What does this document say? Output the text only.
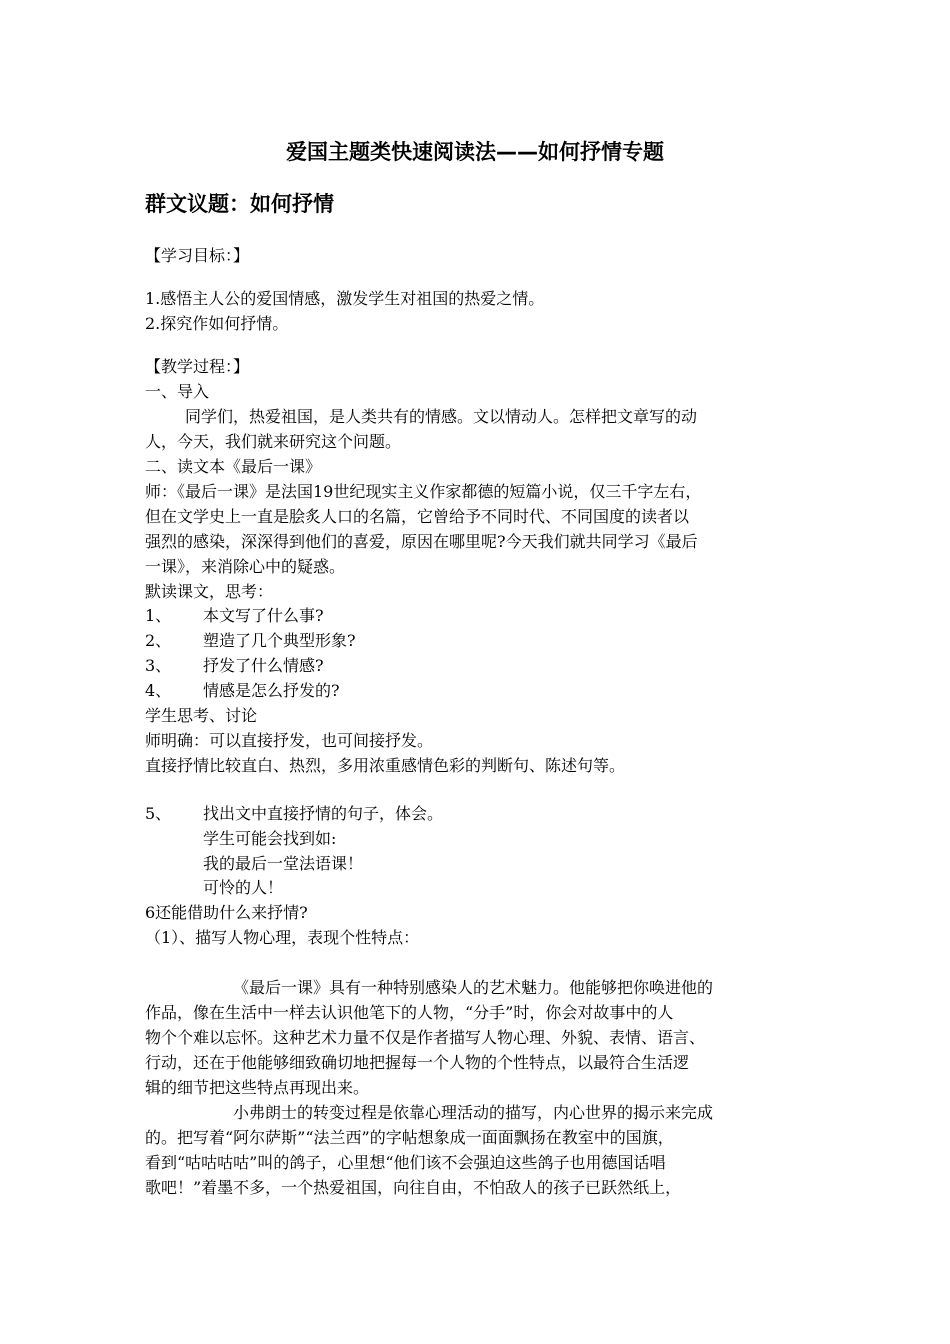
爱国主题类快速阅读法——如何抒情专题
群文议题：如何抒情
【学习目标：】
1.感悟主人公的爱国情感，激发学生对祖国的热爱之情。
2.探究作如何抒情。
【教学过程：】
一、导入
同学们，热爱祖国，是人类共有的情感。文以情动人。怎样把文章写的动
人，今天，我们就来研究这个问题。
二、读文本《最后一课》
师：《最后一课》是法国19世纪现实主义作家都德的短篇小说，仅三千字左右，
但在文学史上一直是脍炙人口的名篇，它曾给予不同时代、不同国度的读者以
强烈的感染，深深得到他们的喜爱，原因在哪里呢?今天我们就共同学习《最后
一课》，来消除心中的疑惑。
默读课文，思考：
1、 本文写了什么事?
2、 塑造了几个典型形象?
3、 抒发了什么情感?
4、 情感是怎么抒发的?
学生思考、讨论
师明确：可以直接抒发，也可间接抒发。
直接抒情比较直白、热烈，多用浓重感情色彩的判断句、陈述句等。
5、 找出文中直接抒情的句子，体会。
学生可能会找到如:
我的最后一堂法语课！
可怜的人！
6还能借助什么来抒情?
（1）、描写人物心理，表现个性特点：
《最后一课》具有一种特别感染人的艺术魅力。他能够把你唤进他的
作品，像在生活中一样去认识他笔下的人物，“分手”时，你会对故事中的人
物个个难以忘怀。这种艺术力量不仅是作者描写人物心理、外貌、表情、语言、
行动，还在于他能够细致确切地把握每一个人物的个性特点，以最符合生活逻
辑的细节把这些特点再现出来。
小弗朗士的转变过程是依靠心理活动的描写，内心世界的揭示来完成
的。把写着“阿尔萨斯”“法兰西”的字帖想象成一面面飘扬在教室中的国旗，
看到“咕咕咕咕”叫的鸽子，心里想“他们该不会强迫这些鸽子也用德国话唱
歌吧！”着墨不多，一个热爱祖国，向往自由，不怕敌人的孩子已跃然纸上，
